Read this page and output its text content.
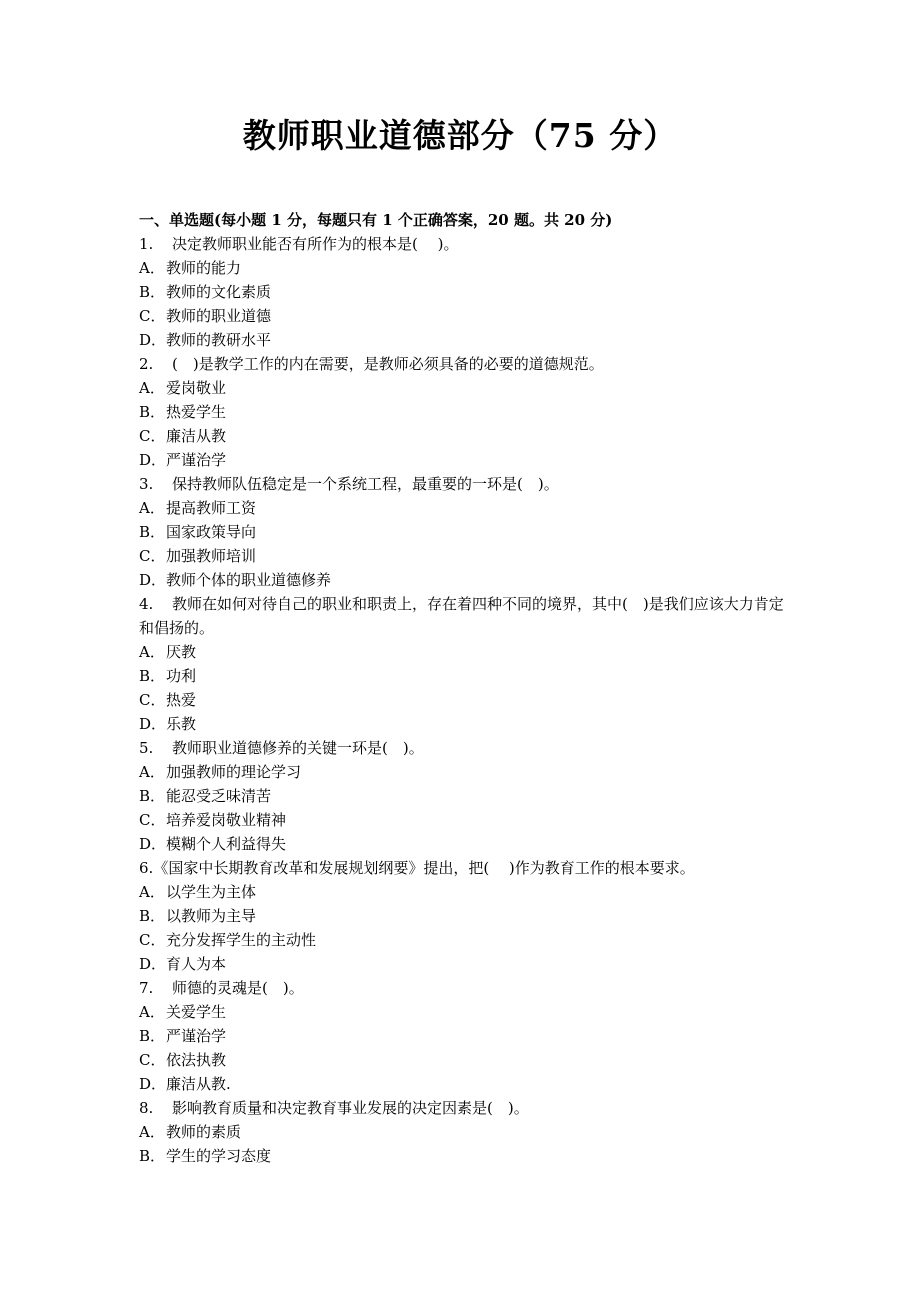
教师职业道德部分（75 分）
一、单选题(每小题 1 分，每题只有 1 个正确答案，20 题。共 20 分)
1. 决定教师职业能否有所作为的根本是(　 )。
A．教师的能力
B．教师的文化素质
C．教师的职业道德
D．教师的教研水平
2. (　)是教学工作的内在需要，是教师必须具备的必要的道德规范。
A．爱岗敬业
B．热爱学生
C．廉洁从教
D．严谨治学
3. 保持教师队伍稳定是一个系统工程，最重要的一环是(　)。
A．提高教师工资
B．国家政策导向
C．加强教师培训
D．教师个体的职业道德修养
4. 教师在如何对待自己的职业和职责上，存在着四种不同的境界，其中(　)是我们应该大力肯定和倡扬的。
A．厌教
B．功利
C．热爱
D．乐教
5. 教师职业道德修养的关键一环是(　)。
A．加强教师的理论学习
B．能忍受乏味清苦
C．培养爱岗敬业精神
D．模糊个人利益得失
6.《国家中长期教育改革和发展规划纲要》提出，把(　 )作为教育工作的根本要求。
A．以学生为主体
B．以教师为主导
C．充分发挥学生的主动性
D．育人为本
7. 师德的灵魂是(　)。
A．关爱学生
B．严谨治学
C．依法执教
D．廉洁从教.
8. 影响教育质量和决定教育事业发展的决定因素是(　)。
A．教师的素质
B．学生的学习态度
